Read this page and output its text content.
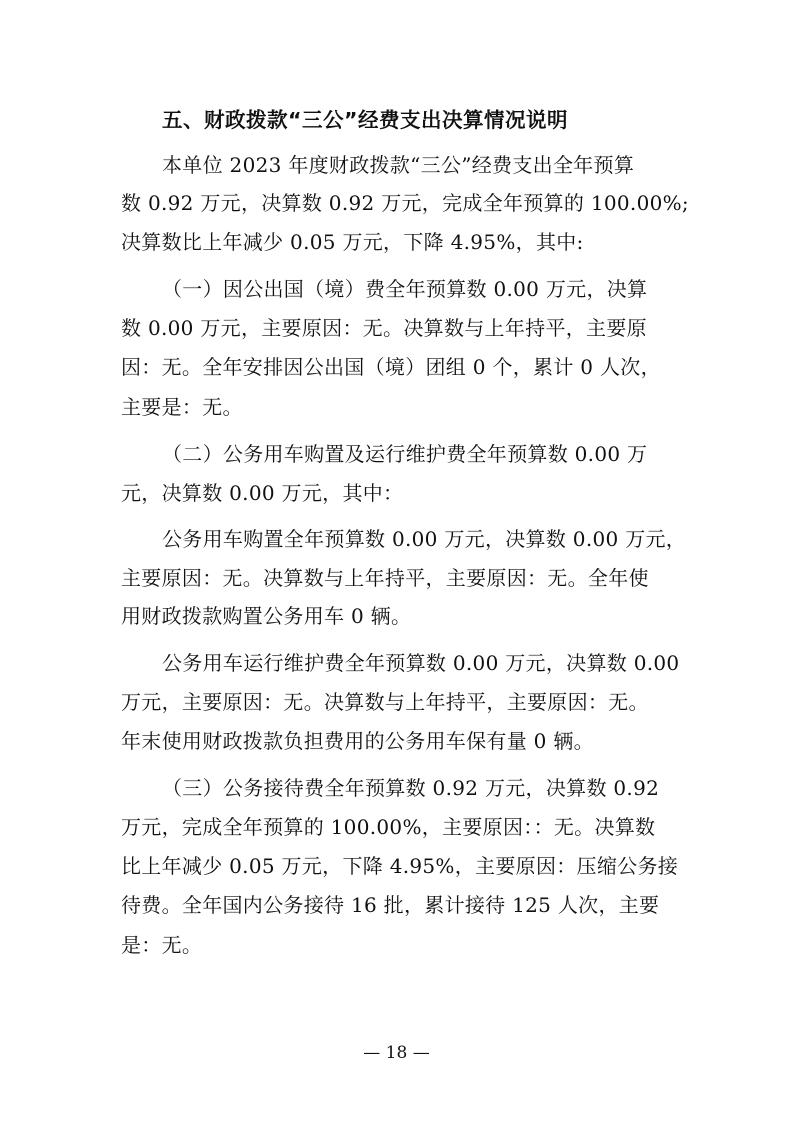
五、财政拨款“三公”经费支出决算情况说明
本单位 2023 年度财政拨款“三公”经费支出全年预算
数 0.92 万元，决算数 0.92 万元，完成全年预算的 100.00%;
决算数比上年减少 0.05 万元，下降 4.95%，其中:
（一）因公出国（境）费全年预算数 0.00 万元，决算
数 0.00 万元，主要原因：无。决算数与上年持平，主要原
因：无。全年安排因公出国（境）团组 0 个，累计 0 人次，
主要是：无。
（二）公务用车购置及运行维护费全年预算数 0.00 万
元，决算数 0.00 万元，其中：
公务用车购置全年预算数 0.00 万元，决算数 0.00 万元，
主要原因：无。决算数与上年持平，主要原因：无。全年使
用财政拨款购置公务用车 0 辆。
公务用车运行维护费全年预算数 0.00 万元，决算数 0.00
万元，主要原因：无。决算数与上年持平，主要原因：无。
年末使用财政拨款负担费用的公务用车保有量 0 辆。
（三）公务接待费全年预算数 0.92 万元，决算数 0.92
万元，完成全年预算的 100.00%，主要原因：：无。决算数
比上年减少 0.05 万元，下降 4.95%，主要原因：压缩公务接
待费。全年国内公务接待 16 批，累计接待 125 人次，主要
是：无。
— 18 —
